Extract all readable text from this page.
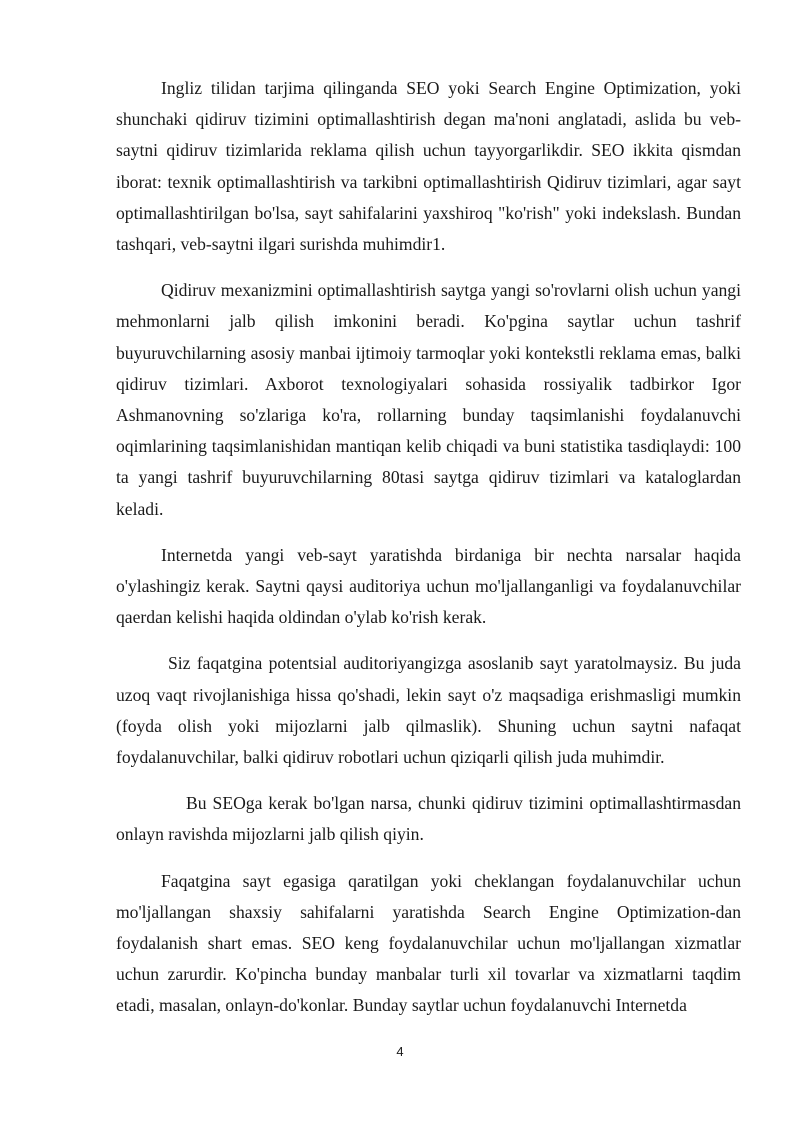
Ingliz tilidan tarjima qilinganda SEO yoki Search Engine Optimization, yoki shunchaki qidiruv tizimini optimallashtirish degan ma'noni anglatadi, aslida bu veb-saytni qidiruv tizimlarida reklama qilish uchun tayyorgarlikdir. SEO ikkita qismdan iborat: texnik optimallashtirish va tarkibni optimallashtirish Qidiruv tizimlari, agar sayt optimallashtirilgan bo'lsa, sayt sahifalarini yaxshiroq "ko'rish" yoki indekslash. Bundan tashqari, veb-saytni ilgari surishda muhimdir1.

Qidiruv mexanizmini optimallashtirish saytga yangi so'rovlarni olish uchun yangi mehmonlarni jalb qilish imkonini beradi. Ko'pgina saytlar uchun tashrif buyuruvchilarning asosiy manbai ijtimoiy tarmoqlar yoki kontekstli reklama emas, balki qidiruv tizimlari. Axborot texnologiyalari sohasida rossiyalik tadbirkor Igor Ashmanovning so'zlariga ko'ra, rollarning bunday taqsimlanishi foydalanuvchi oqimlarining taqsimlanishidan mantiqan kelib chiqadi va buni statistika tasdiqlaydi: 100 ta yangi tashrif buyuruvchilarning 80tasi saytga qidiruv tizimlari va kataloglardan keladi.

Internetda yangi veb-sayt yaratishda birdaniga bir nechta narsalar haqida o'ylashingiz kerak. Saytni qaysi auditoriya uchun mo'ljallanganligi va foydalanuvchilar qaerdan kelishi haqida oldindan o'ylab ko'rish kerak.

Siz faqatgina potentsial auditoriyangizga asoslanib sayt yaratolmaysiz. Bu juda uzoq vaqt rivojlanishiga hissa qo'shadi, lekin sayt o'z maqsadiga erishmasligi mumkin (foyda olish yoki mijozlarni jalb qilmaslik). Shuning uchun saytni nafaqat foydalanuvchilar, balki qidiruv robotlari uchun qiziqarli qilish juda muhimdir.

Bu SEOga kerak bo'lgan narsa, chunki qidiruv tizimini optimallashtirmasdan onlayn ravishda mijozlarni jalb qilish qiyin.

Faqatgina sayt egasiga qaratilgan yoki cheklangan foydalanuvchilar uchun mo'ljallangan shaxsiy sahifalarni yaratishda Search Engine Optimization-dan foydalanish shart emas. SEO keng foydalanuvchilar uchun mo'ljallangan xizmatlar uchun zarurdir. Ko'pincha bunday manbalar turli xil tovarlar va xizmatlarni taqdim etadi, masalan, onlayn-do'konlar. Bunday saytlar uchun foydalanuvchi Internetda

4
